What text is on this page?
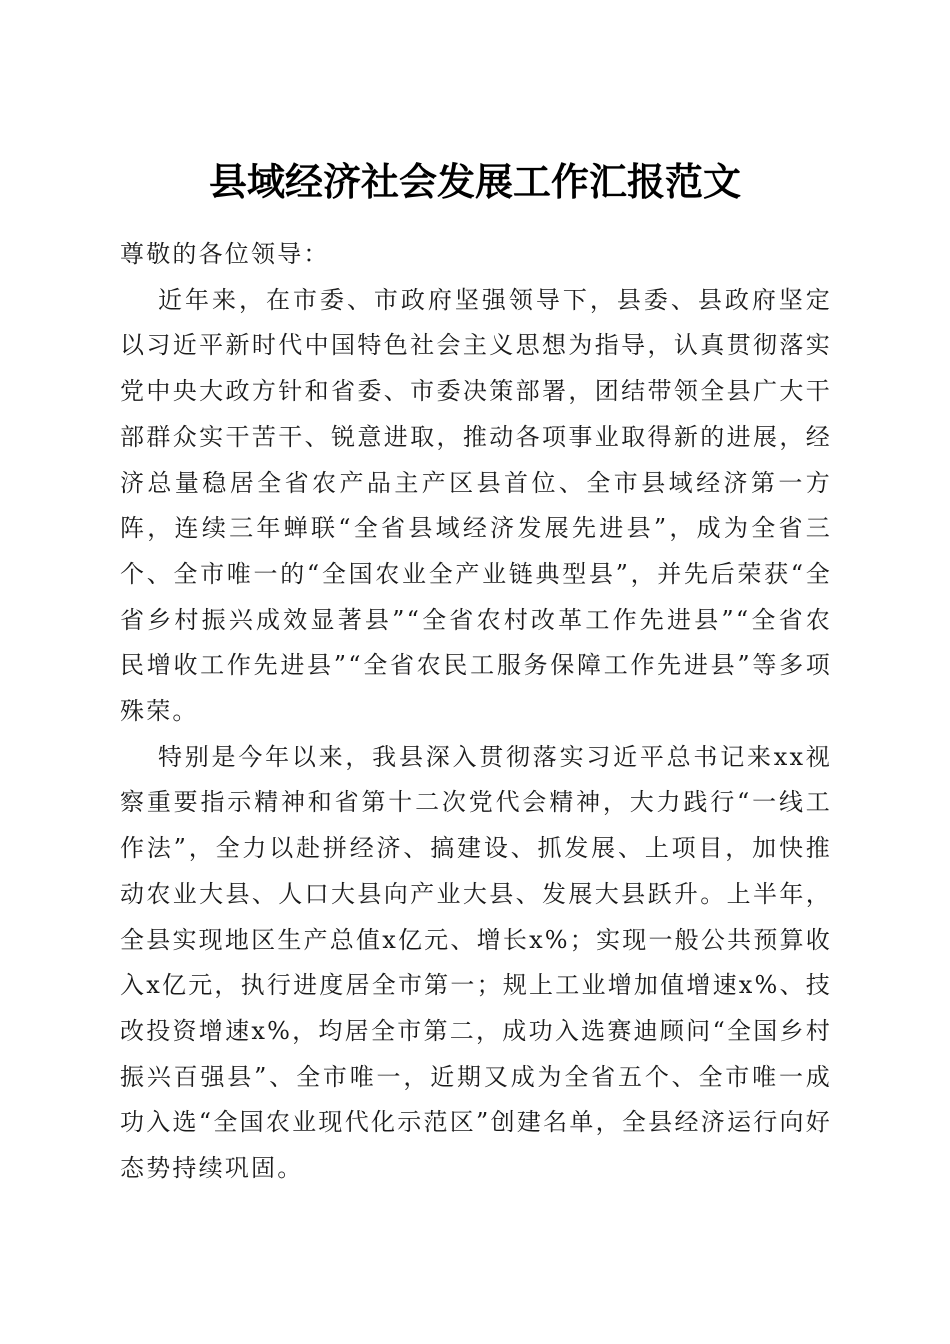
县域经济社会发展工作汇报范文

尊敬的各位领导：

近年来，在市委、市政府坚强领导下，县委、县政府坚定以习近平新时代中国特色社会主义思想为指导，认真贯彻落实党中央大政方针和省委、市委决策部署，团结带领全县广大干部群众实干苦干、锐意进取，推动各项事业取得新的进展，经济总量稳居全省农产品主产区县首位、全市县域经济第一方阵，连续三年蝉联“全省县域经济发展先进县”，成为全省三个、全市唯一的“全国农业全产业链典型县”，并先后荣获“全省乡村振兴成效显著县”“全省农村改革工作先进县”“全省农民增收工作先进县”“全省农民工服务保障工作先进县”等多项殊荣。

特别是今年以来，我县深入贯彻落实习近平总书记来xx视察重要指示精神和省第十二次党代会精神，大力践行“一线工作法”，全力以赴拼经济、搞建设、抓发展、上项目，加快推动农业大县、人口大县向产业大县、发展大县跃升。上半年，全县实现地区生产总值x亿元、增长x%；实现一般公共预算收入x亿元，执行进度居全市第一；规上工业增加值增速x%、技改投资增速x%，均居全市第二，成功入选赛迪顾问“全国乡村振兴百强县”、全市唯一，近期又成为全省五个、全市唯一成功入选“全国农业现代化示范区”创建名单，全县经济运行向好态势持续巩固。
